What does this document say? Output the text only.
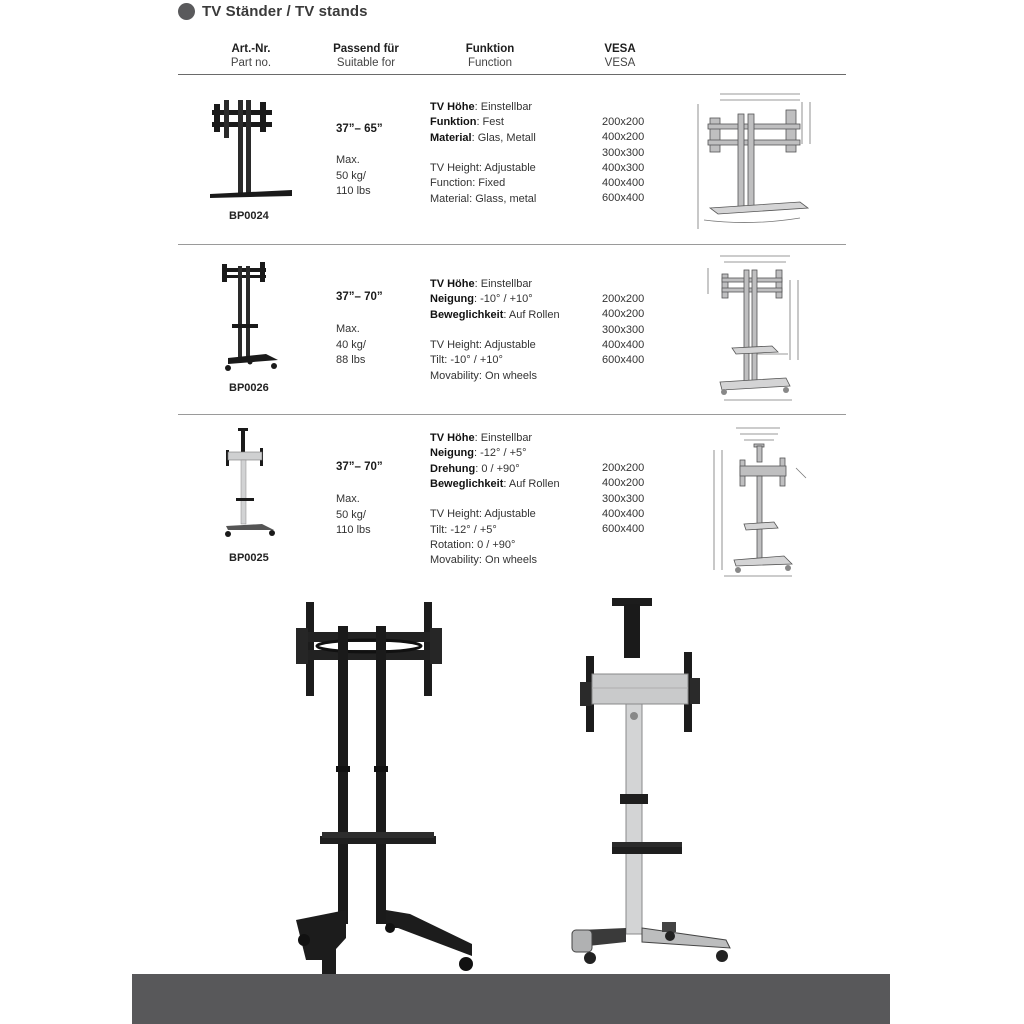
TV Ständer / TV stands
Art.-Nr.
Part no.
Passend für
Suitable for
Funktion
Function
VESA
VESA
BP0024
37”– 65”
Max.
50 kg/
110 lbs
TV Höhe: Einstellbar
Funktion: Fest
Material: Glas, Metall
TV Height: Adjustable
Function: Fixed
Material: Glass, metal
200x200
400x200
300x300
400x300
400x400
600x400
BP0026
37”– 70”
Max.
40 kg/
88 lbs
TV Höhe: Einstellbar
Neigung: -10° / +10°
Beweglichkeit: Auf Rollen
TV Height: Adjustable
Tilt: -10° / +10°
Movability: On wheels
200x200
400x200
300x300
400x400
600x400
BP0025
37”– 70”
Max.
50 kg/
110 lbs
TV Höhe: Einstellbar
Neigung: -12° / +5°
Drehung: 0 / +90°
Beweglichkeit: Auf Rollen
TV Height: Adjustable
Tilt: -12° / +5°
Rotation: 0 / +90°
Movability: On wheels
200x200
400x200
300x300
400x400
600x400
